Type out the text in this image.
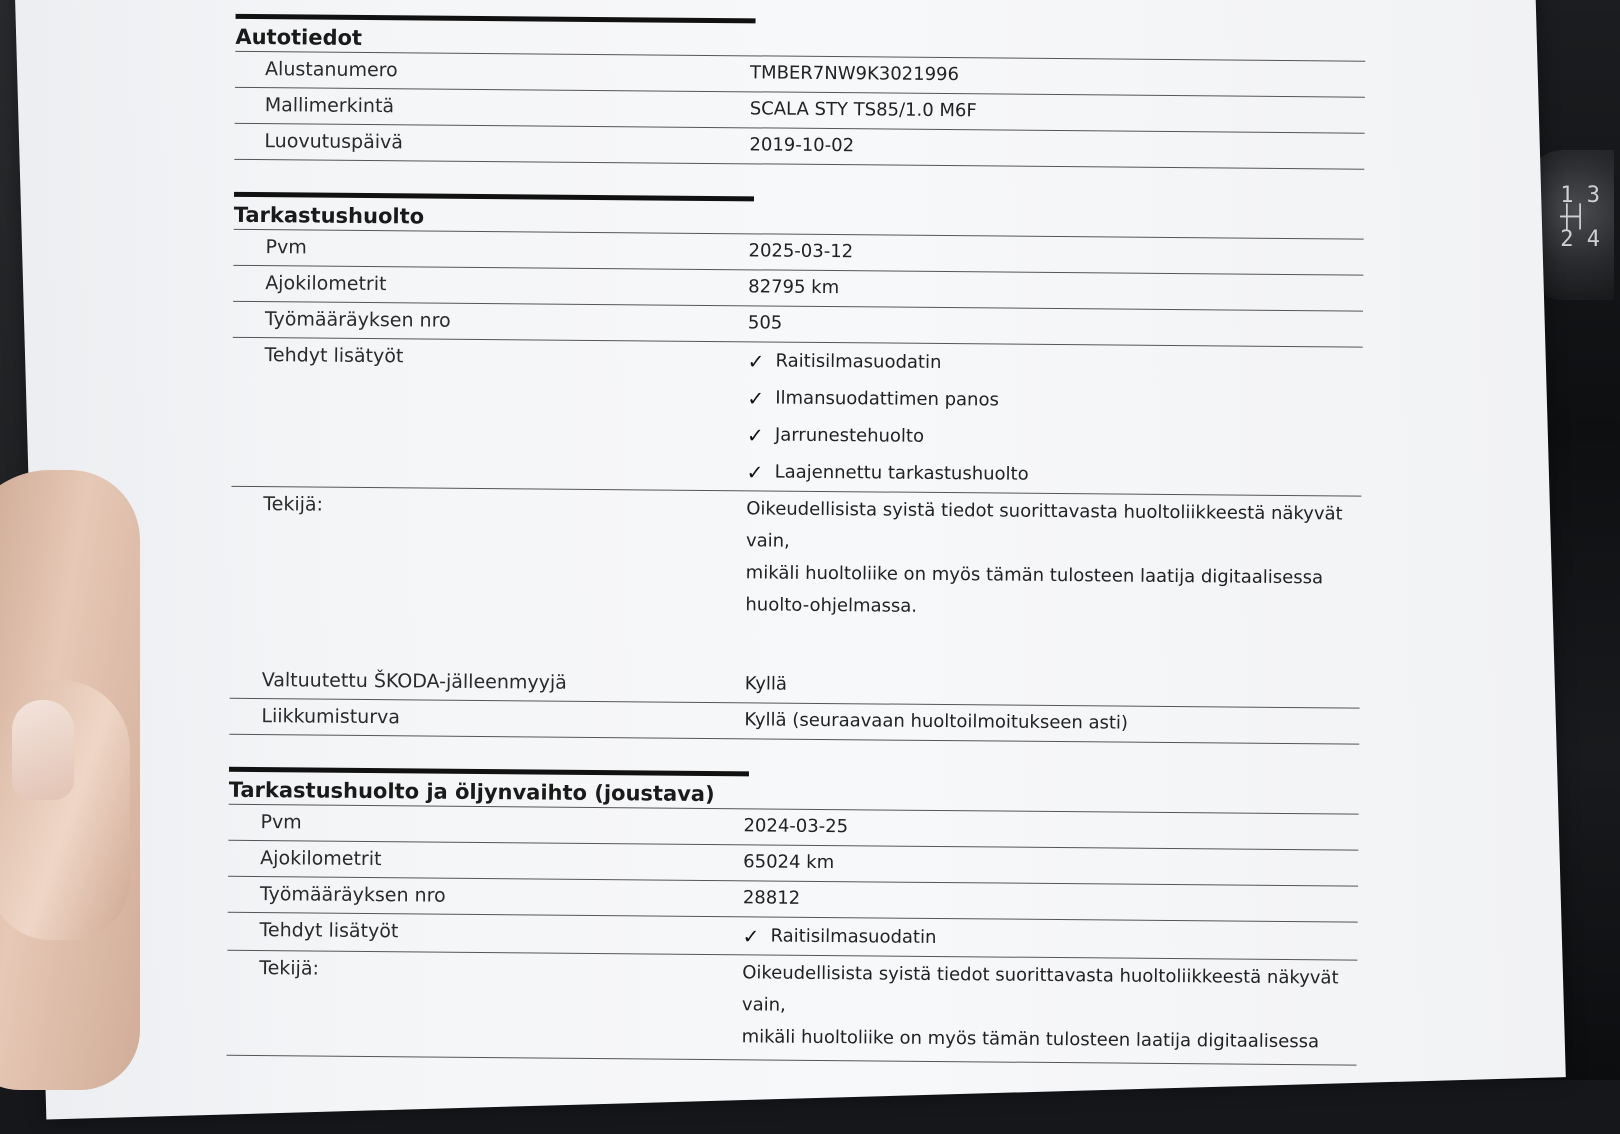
1 3
┼┤
2 4
Autotiedot
Alustanumero	TMBER7NW9K3021996
Mallimerkintä	SCALA STY TS85/1.0 M6F
Luovutuspäivä	2019-10-02
Tarkastushuolto
Pvm	2025-03-12
Ajokilometrit	82795 km
Työmääräyksen nro	505
Tehdyt lisätyöt	✓ Raitisilmasuodatin
✓ Ilmansuodattimen panos
✓ Jarrunestehuolto
✓ Laajennettu tarkastushuolto
Tekijä:	Oikeudellisista syistä tiedot suorittavasta huoltoliikkeestä näkyvät vain,
mikäli huoltoliike on myös tämän tulosteen laatija digitaalisessa
huolto-ohjelmassa.
Valtuutettu ŠKODA-jälleenmyyjä	Kyllä
Liikkumisturva	Kyllä (seuraavaan huoltoilmoitukseen asti)
Tarkastushuolto ja öljynvaihto (joustava)
Pvm	2024-03-25
Ajokilometrit	65024 km
Työmääräyksen nro	28812
Tehdyt lisätyöt	✓ Raitisilmasuodatin
Tekijä:	Oikeudellisista syistä tiedot suorittavasta huoltoliikkeestä näkyvät vain,
mikäli huoltoliike on myös tämän tulosteen laatija digitaalisessa
